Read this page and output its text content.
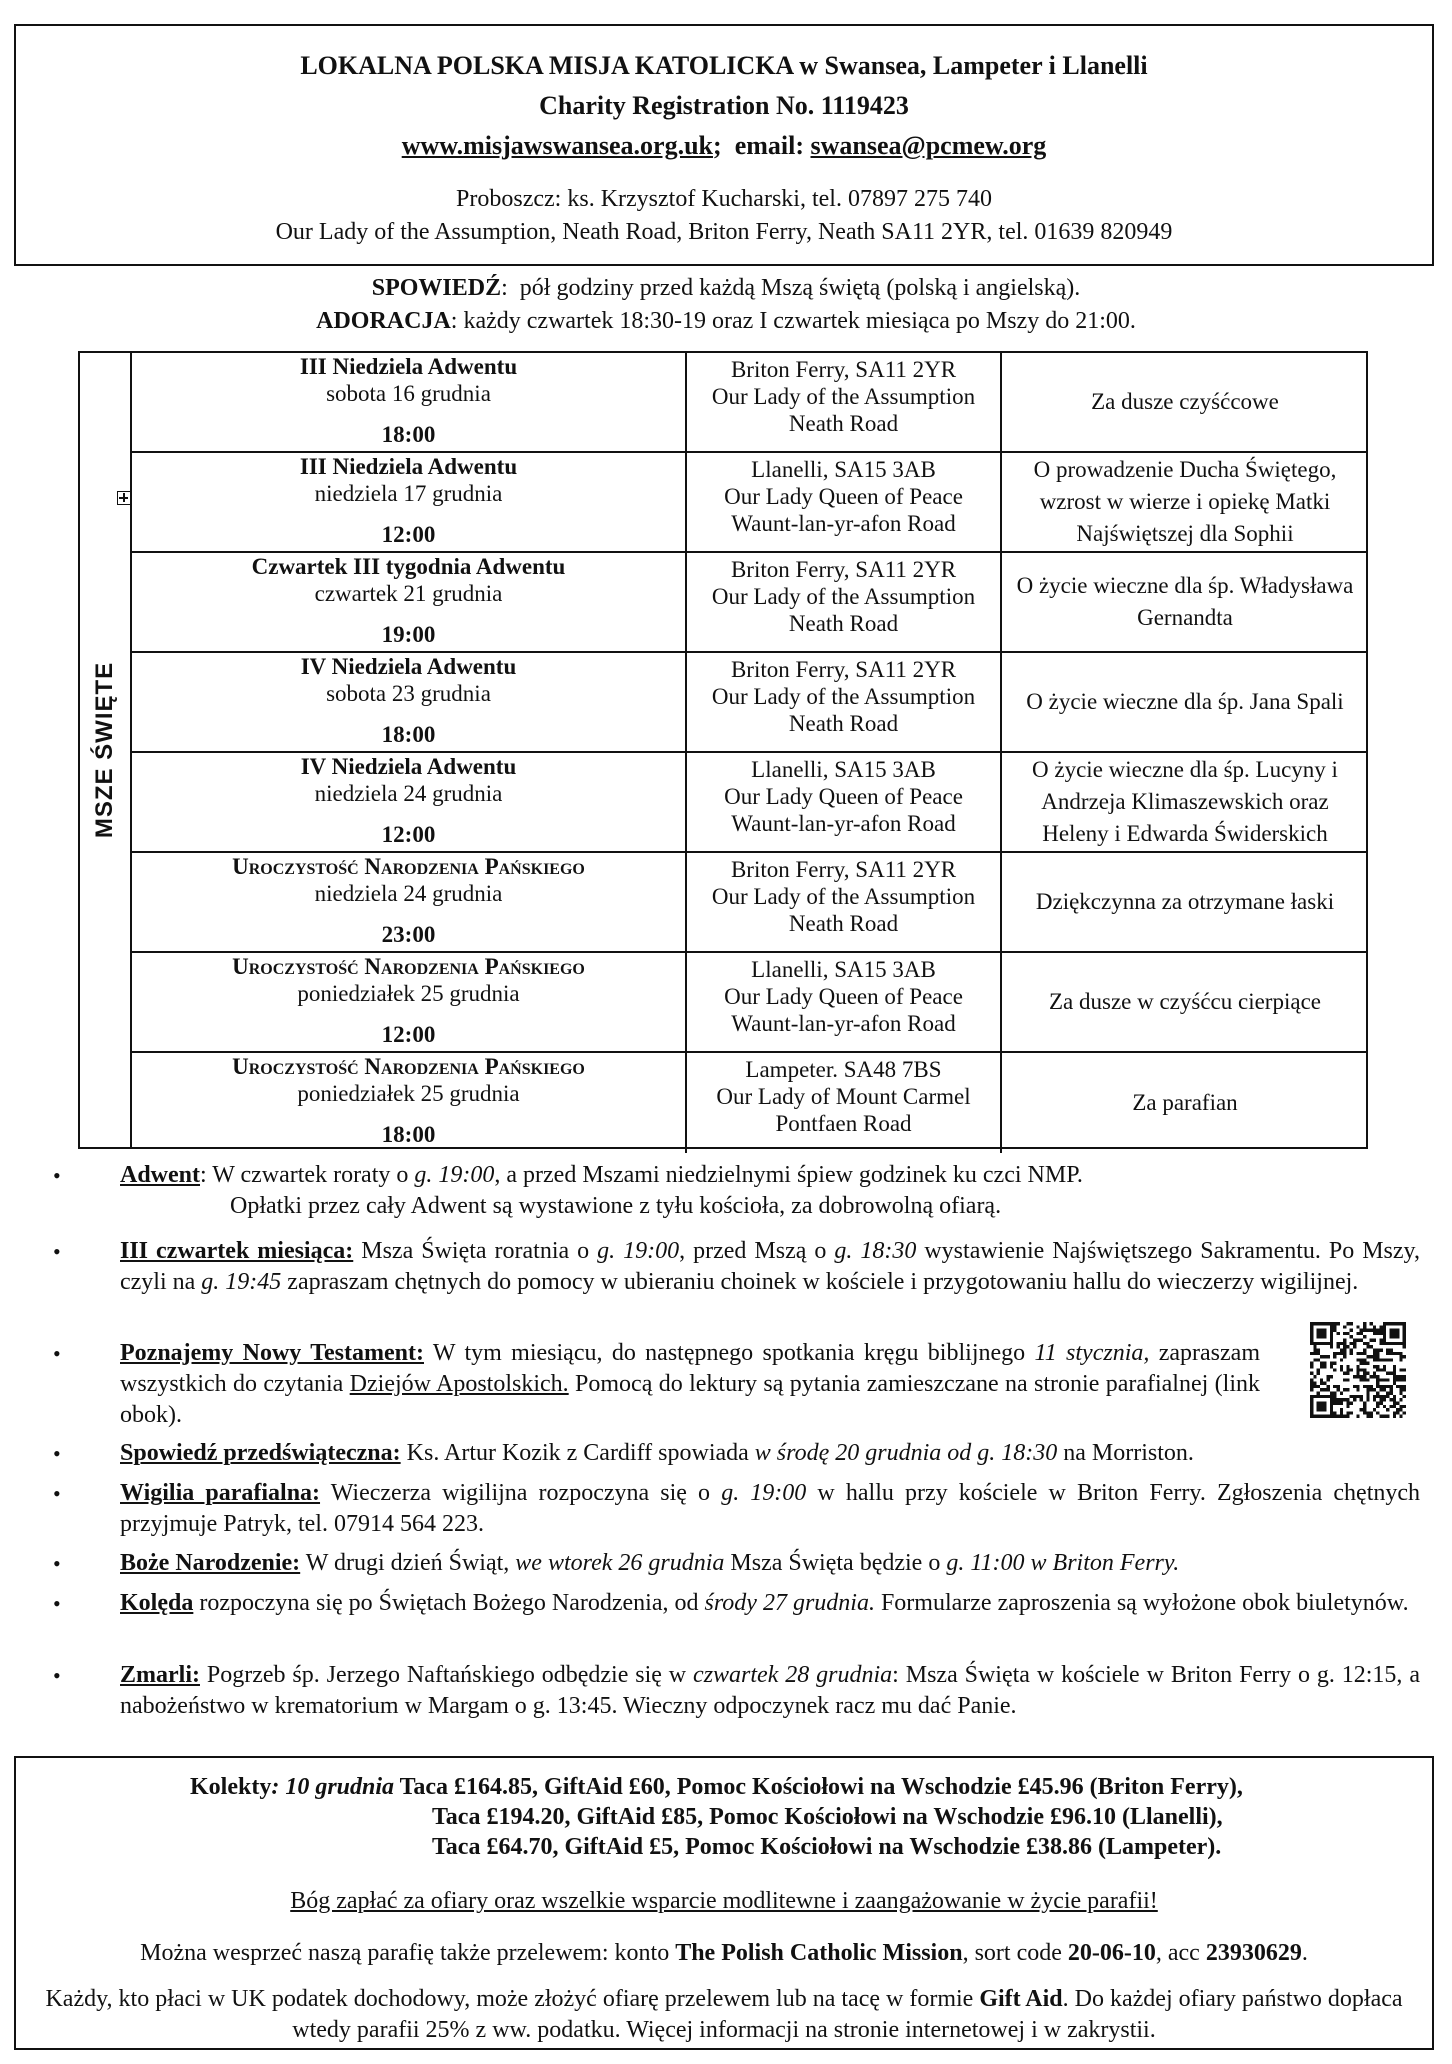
LOKALNA POLSKA MISJA KATOLICKA w Swansea, Lampeter i Llanelli
Charity Registration No. 1119423
www.misjawswansea.org.uk;  email: swansea@pcmew.org
Proboszcz: ks. Krzysztof Kucharski, tel. 07897 275 740
Our Lady of the Assumption, Neath Road, Briton Ferry, Neath SA11 2YR, tel. 01639 820949
SPOWIEDŹ:  pół godziny przed każdą Mszą świętą (polską i angielską).
ADORACJA: każdy czwartek 18:30-19 oraz I czwartek miesiąca po Mszy do 21:00.
MSZE ŚWIĘTE
III Niedziela Adwentu
sobota 16 grudnia
18:00
Briton Ferry, SA11 2YR
Our Lady of the Assumption
Neath Road
Za dusze czyśćcowe
III Niedziela Adwentu
niedziela 17 grudnia
12:00
Llanelli, SA15 3AB
Our Lady Queen of Peace
Waunt-lan-yr-afon Road
O prowadzenie Ducha Świętego, wzrost w wierze i opiekę Matki Najświętszej dla Sophii
Czwartek III tygodnia Adwentu
czwartek 21 grudnia
19:00
Briton Ferry, SA11 2YR
Our Lady of the Assumption
Neath Road
O życie wieczne dla śp. Władysława Gernandta
IV Niedziela Adwentu
sobota 23 grudnia
18:00
Briton Ferry, SA11 2YR
Our Lady of the Assumption
Neath Road
O życie wieczne dla śp. Jana Spali
IV Niedziela Adwentu
niedziela 24 grudnia
12:00
Llanelli, SA15 3AB
Our Lady Queen of Peace
Waunt-lan-yr-afon Road
O życie wieczne dla śp. Lucyny i Andrzeja Klimaszewskich oraz Heleny i Edwarda Świderskich
Uroczystość Narodzenia Pańskiego
niedziela 24 grudnia
23:00
Briton Ferry, SA11 2YR
Our Lady of the Assumption
Neath Road
Dziękczynna za otrzymane łaski
Uroczystość Narodzenia Pańskiego
poniedziałek 25 grudnia
12:00
Llanelli, SA15 3AB
Our Lady Queen of Peace
Waunt-lan-yr-afon Road
Za dusze w czyśćcu cierpiące
Uroczystość Narodzenia Pańskiego
poniedziałek 25 grudnia
18:00
Lampeter. SA48 7BS
Our Lady of Mount Carmel
Pontfaen Road
Za parafian
• Adwent: W czwartek roraty o g. 19:00, a przed Mszami niedzielnymi śpiew godzinek ku czci NMP.
Opłatki przez cały Adwent są wystawione z tyłu kościoła, za dobrowolną ofiarą.
• III czwartek miesiąca: Msza Święta roratnia o g. 19:00, przed Mszą o g. 18:30 wystawienie Najświętszego Sakramentu. Po Mszy, czyli na g. 19:45 zapraszam chętnych do pomocy w ubieraniu choinek w kościele i przygotowaniu hallu do wieczerzy wigilijnej.
• Poznajemy Nowy Testament: W tym miesiącu, do następnego spotkania kręgu biblijnego 11 stycznia, zapraszam wszystkich do czytania Dziejów Apostolskich. Pomocą do lektury są pytania zamieszczane na stronie parafialnej (link obok).
• Spowiedź przedświąteczna: Ks. Artur Kozik z Cardiff spowiada w środę 20 grudnia od g. 18:30 na Morriston.
• Wigilia parafialna: Wieczerza wigilijna rozpoczyna się o g. 19:00 w hallu przy kościele w Briton Ferry. Zgłoszenia chętnych przyjmuje Patryk, tel. 07914 564 223.
• Boże Narodzenie: W drugi dzień Świąt, we wtorek 26 grudnia Msza Święta będzie o g. 11:00 w Briton Ferry.
• Kolęda rozpoczyna się po Świętach Bożego Narodzenia, od środy 27 grudnia. Formularze zaproszenia są wyłożone obok biuletynów.
• Zmarli: Pogrzeb śp. Jerzego Naftańskiego odbędzie się w czwartek 28 grudnia: Msza Święta w kościele w Briton Ferry o g. 12:15, a nabożeństwo w krematorium w Margam o g. 13:45. Wieczny odpoczynek racz mu dać Panie.
Kolekty: 10 grudnia Taca £164.85, GiftAid £60, Pomoc Kościołowi na Wschodzie £45.96 (Briton Ferry),
Taca £194.20, GiftAid £85, Pomoc Kościołowi na Wschodzie £96.10 (Llanelli),
Taca £64.70, GiftAid £5, Pomoc Kościołowi na Wschodzie £38.86 (Lampeter).
Bóg zapłać za ofiary oraz wszelkie wsparcie modlitewne i zaangażowanie w życie parafii!
Można wesprzeć naszą parafię także przelewem: konto The Polish Catholic Mission, sort code 20-06-10, acc 23930629.
Każdy, kto płaci w UK podatek dochodowy, może złożyć ofiarę przelewem lub na tacę w formie Gift Aid. Do każdej ofiary państwo dopłaca wtedy parafii 25% z ww. podatku. Więcej informacji na stronie internetowej i w zakrystii.
